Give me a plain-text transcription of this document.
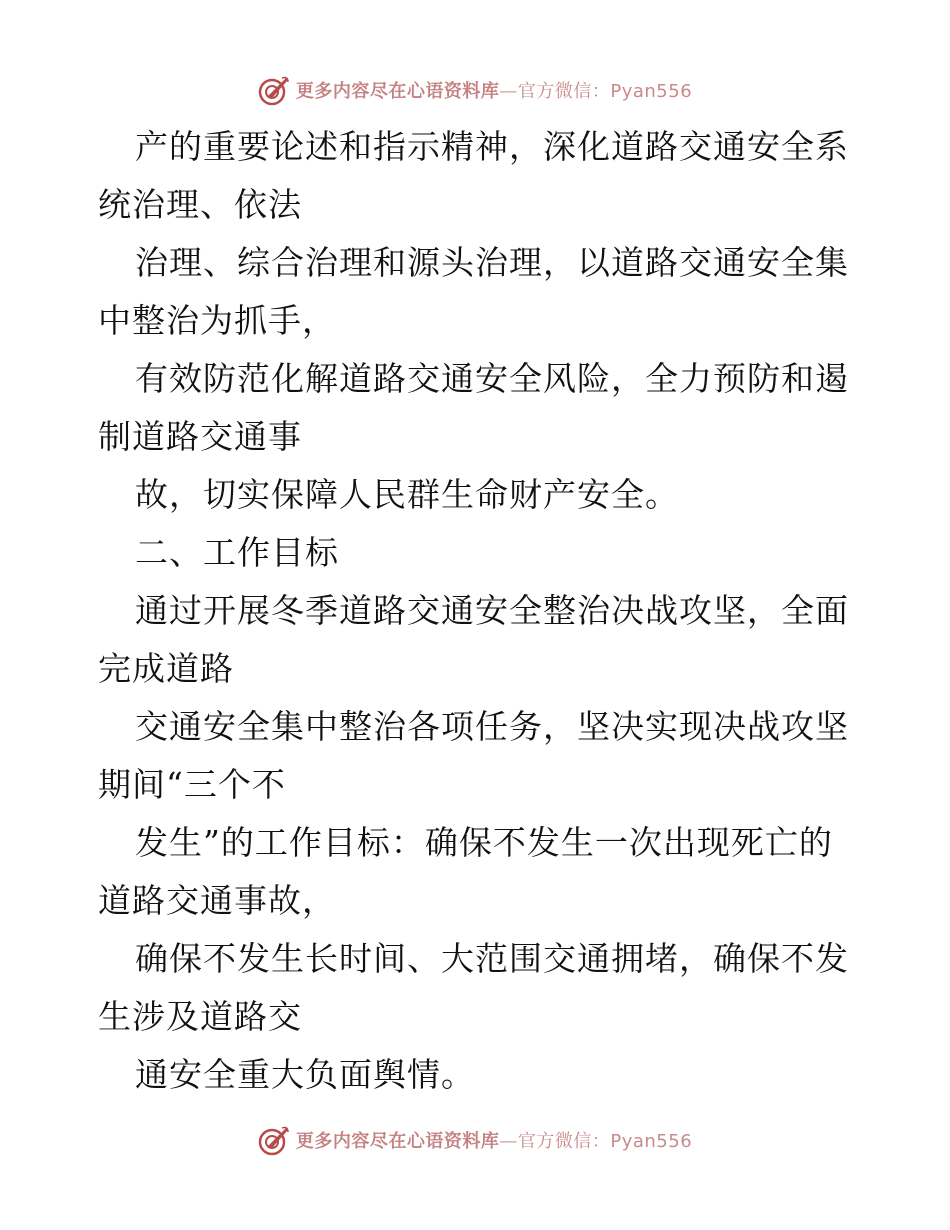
更多内容尽在心语资料库—官方微信：Pyan556
产的重要论述和指示精神，深化道路交通安全系
统治理、依法
治理、综合治理和源头治理，以道路交通安全集
中整治为抓手，
有效防范化解道路交通安全风险，全力预防和遏
制道路交通事
故，切实保障人民群生命财产安全。
二、工作目标
通过开展冬季道路交通安全整治决战攻坚，全面
完成道路
交通安全集中整治各项任务，坚决实现决战攻坚
期间“三个不
发生”的工作目标：确保不发生一次出现死亡的
道路交通事故，
确保不发生长时间、大范围交通拥堵，确保不发
生涉及道路交
通安全重大负面舆情。
更多内容尽在心语资料库—官方微信：Pyan556
